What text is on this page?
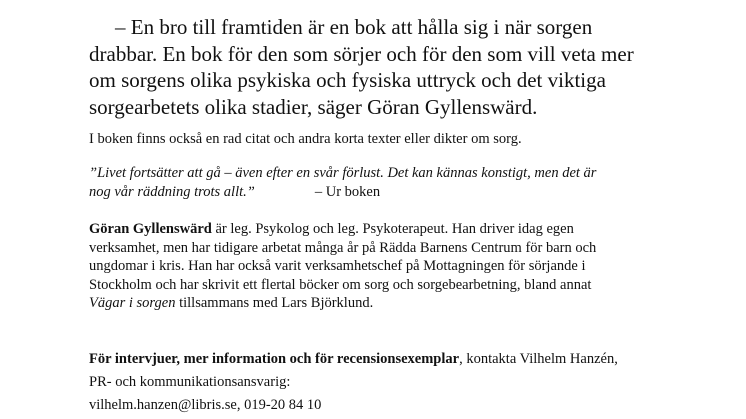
– En bro till framtiden är en bok att hålla sig i när sorgen
drabbar. En bok för den som sörjer och för den som vill veta mer
om sorgens olika psykiska och fysiska uttryck och det viktiga
sorgearbetets olika stadier, säger Göran Gyllenswärd.

I boken finns också en rad citat och andra korta texter eller dikter om sorg.

”Livet fortsätter att gå – även efter en svår förlust. Det kan kännas konstigt, men det är
nog vår räddning trots allt.”	– Ur boken

Göran Gyllenswärd är leg. Psykolog och leg. Psykoterapeut. Han driver idag egen
verksamhet, men har tidigare arbetat många år på Rädda Barnens Centrum för barn och
ungdomar i kris. Han har också varit verksamhetschef på Mottagningen för sörjande i
Stockholm och har skrivit ett flertal böcker om sorg och sorgebearbetning, bland annat
Vägar i sorgen tillsammans med Lars Björklund.

För intervjuer, mer information och för recensionsexemplar, kontakta Vilhelm Hanzén,
PR- och kommunikationsansvarig:
vilhelm.hanzen@libris.se, 019-20 84 10
